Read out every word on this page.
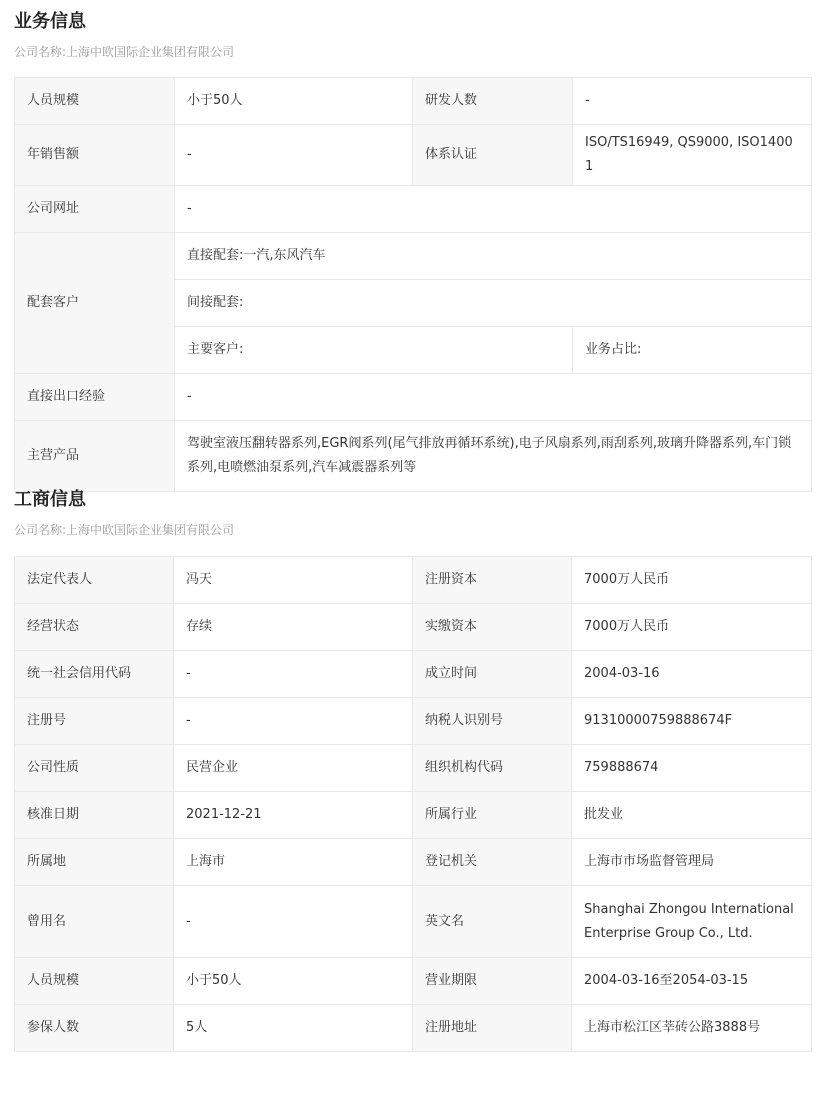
业务信息
公司名称:上海中欧国际企业集团有限公司
人员规模	小于50人	研发人数	-
年销售额	-	体系认证	ISO/TS16949, QS9000, ISO14001
公司网址	-		
配套客户	直接配套:一汽,东风汽车		
	间接配套:		
	主要客户:		业务占比:
直接出口经验	-		
主营产品	驾驶室液压翻转器系列,EGR阀系列(尾气排放再循环系统),电子风扇系列,雨刮系列,玻璃升降器系列,车门锁系列,电喷燃油泵系列,汽车减震器系列等		
工商信息
公司名称:上海中欧国际企业集团有限公司
法定代表人	冯天	注册资本	7000万人民币
经营状态	存续	实缴资本	7000万人民币
统一社会信用代码	-	成立时间	2004-03-16
注册号	-	纳税人识别号	91310000759888674F
公司性质	民营企业	组织机构代码	759888674
核准日期	2021-12-21	所属行业	批发业
所属地	上海市	登记机关	上海市市场监督管理局
曾用名	-	英文名	Shanghai Zhongou International Enterprise Group Co., Ltd.
人员规模	小于50人	营业期限	2004-03-16至2054-03-15
参保人数	5人	注册地址	上海市松江区莘砖公路3888号
